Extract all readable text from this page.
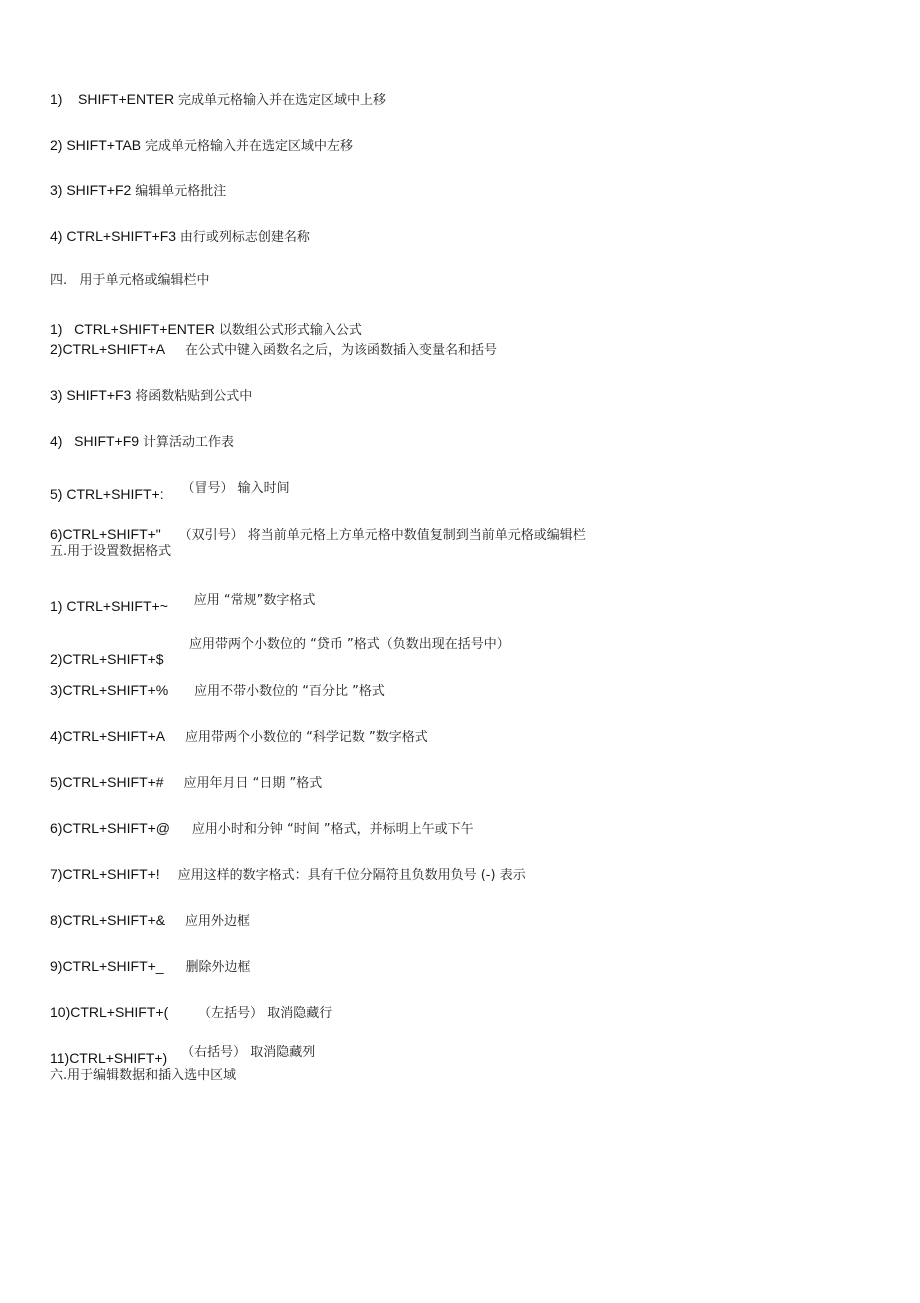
1)    SHIFT+ENTER 完成单元格输入并在选定区域中上移
2) SHIFT+TAB 完成单元格输入并在选定区域中左移
3) SHIFT+F2 编辑单元格批注
4) CTRL+SHIFT+F3 由行或列标志创建名称
四.   用于单元格或编辑栏中
1)   CTRL+SHIFT+ENTER 以数组公式形式输入公式
2)CTRL+SHIFT+A 在公式中键入函数名之后，为该函数插入变量名和括号
3) SHIFT+F3 将函数粘贴到公式中
4)   SHIFT+F9 计算活动工作表
5) CTRL+SHIFT+: （冒号） 输入时间
6)CTRL+SHIFT+" （双引号） 将当前单元格上方单元格中数值复制到当前单元格或编辑栏
五.用于设置数据格式
1) CTRL+SHIFT+~ 应用 “常规”数字格式
应用带两个小数位的 “贷币 ”格式（负数出现在括号中）
2)CTRL+SHIFT+$
3)CTRL+SHIFT+% 应用不带小数位的 “百分比 ”格式
4)CTRL+SHIFT+A 应用带两个小数位的 “科学记数 ”数字格式
5)CTRL+SHIFT+# 应用年月日 “日期 ”格式
6)CTRL+SHIFT+@ 应用小时和分钟 “时间 ”格式，并标明上午或下午
7)CTRL+SHIFT+! 应用这样的数字格式：具有千位分隔符且负数用负号 (-) 表示
8)CTRL+SHIFT+& 应用外边框
9)CTRL+SHIFT+_ 删除外边框
10)CTRL+SHIFT+( （左括号） 取消隐藏行
11)CTRL+SHIFT+) （右括号） 取消隐藏列
六.用于编辑数据和插入选中区域
